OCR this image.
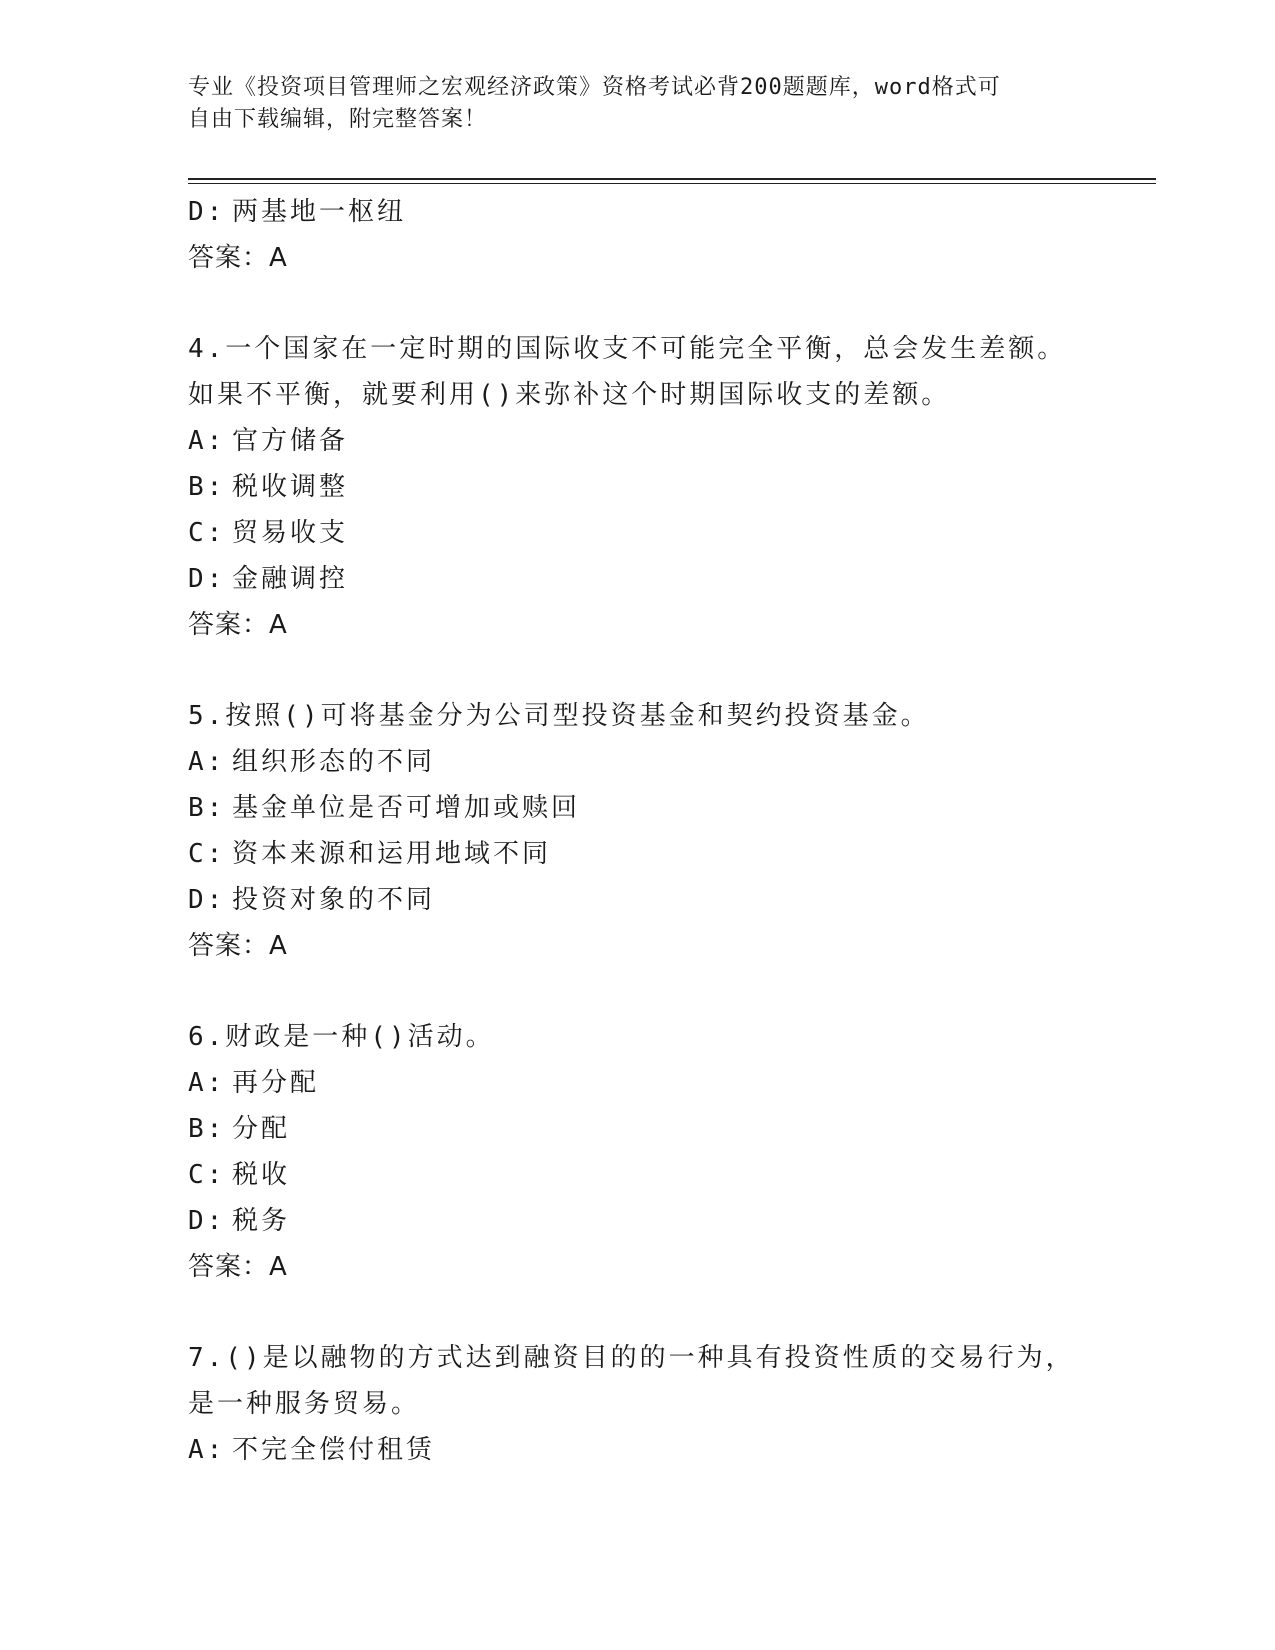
专业《投资项目管理师之宏观经济政策》资格考试必背200题题库，word格式可
自由下载编辑，附完整答案！
D: 两基地一枢纽
答案：A
4.一个国家在一定时期的国际收支不可能完全平衡，总会发生差额。
如果不平衡，就要利用()来弥补这个时期国际收支的差额。
A: 官方储备
B: 税收调整
C: 贸易收支
D: 金融调控
答案：A
5.按照()可将基金分为公司型投资基金和契约投资基金。
A: 组织形态的不同
B: 基金单位是否可增加或赎回
C: 资本来源和运用地域不同
D: 投资对象的不同
答案：A
6.财政是一种()活动。
A: 再分配
B: 分配
C: 税收
D: 税务
答案：A
7.()是以融物的方式达到融资目的的一种具有投资性质的交易行为，
是一种服务贸易。
A: 不完全偿付租赁
